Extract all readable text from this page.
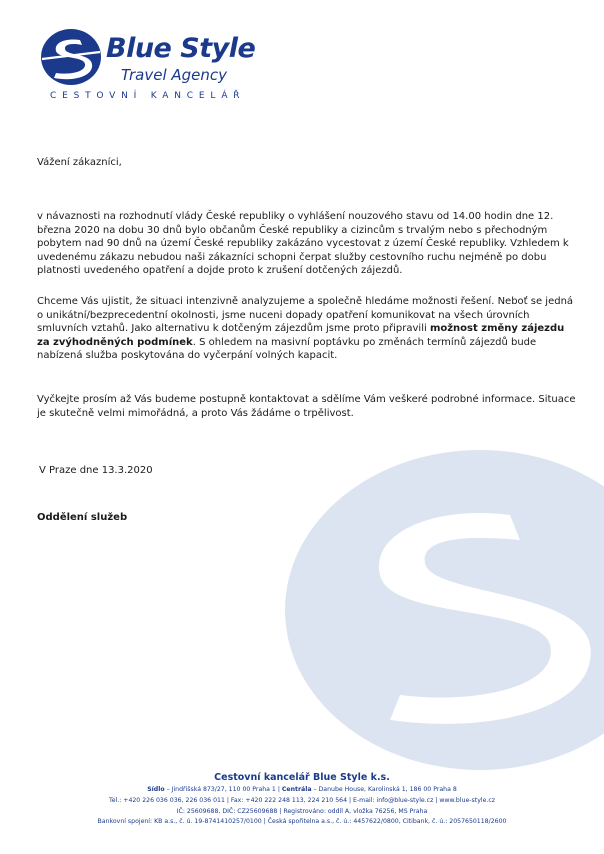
Blue Style
Travel Agency
CESTOVNÍ KANCELÁŘ
Vážení zákazníci,

v návaznosti na rozhodnutí vlády České republiky o vyhlášení nouzového stavu od 14.00 hodin dne 12. března 2020 na dobu 30 dnů bylo občanům České republiky a cizincům s trvalým nebo s přechodným pobytem nad 90 dnů na území České republiky zakázáno vycestovat z území České republiky. Vzhledem k uvedenému zákazu nebudou naši zákazníci schopni čerpat služby cestovního ruchu nejméně po dobu platnosti uvedeného opatření a dojde proto k zrušení dotčených zájezdů.

Chceme Vás ujistit, že situaci intenzivně analyzujeme a společně hledáme možnosti řešení. Neboť se jedná o unikátní/bezprecedentní okolnosti, jsme nuceni dopady opatření komunikovat na všech úrovních smluvních vztahů. Jako alternativu k dotčeným zájezdům jsme proto připravili možnost změny zájezdu za zvýhodněných podmínek. S ohledem na masivní poptávku po změnách termínů zájezdů bude nabízená služba poskytována do vyčerpání volných kapacit.

Vyčkejte prosím až Vás budeme postupně kontaktovat a sdělíme Vám veškeré podrobné informace. Situace je skutečně velmi mimořádná, a proto Vás žádáme o trpělivost.

V Praze dne 13.3.2020
Oddělení služeb
Cestovní kancelář Blue Style k.s.
Sídlo – Jindřišská 873/27, 110 00 Praha 1 | Centrála – Danube House, Karolinská 1, 186 00 Praha 8
Tel.: +420 226 036 036, 226 036 011 | Fax: +420 222 248 113, 224 210 564 | E-mail: info@blue-style.cz | www.blue-style.cz
IČ: 25609688, DIČ: CZ25609688 | Registrováno: oddíl A, vložka 76256, MS Praha
Bankovní spojení: KB a.s., č. ú. 19-8741410257/0100 | Česká spořitelna a.s., č. ú.: 4457622/0800, Citibank, č. ú.: 2057650118/2600
